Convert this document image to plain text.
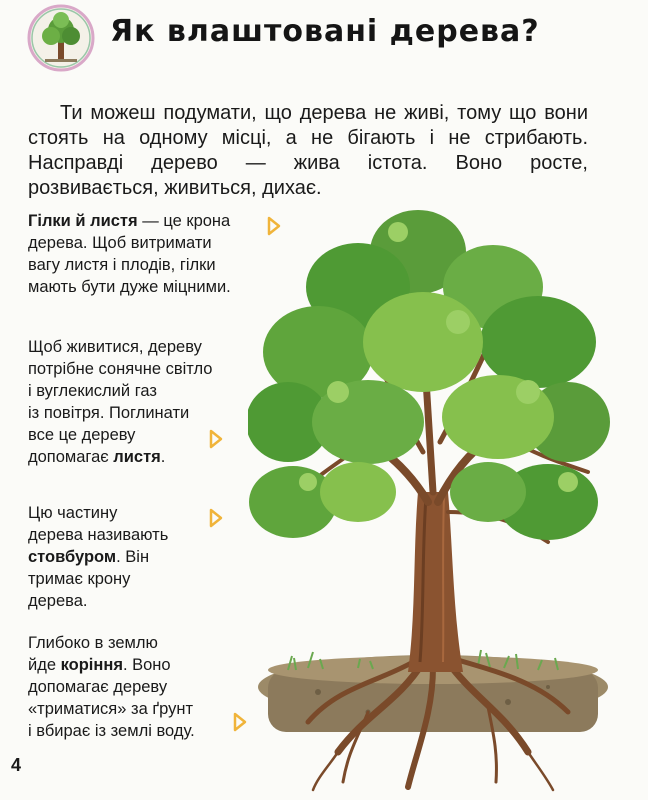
Як влаштовані дерева?

Ти можеш подумати, що дерева не живі, тому що вони стоять на одному місці, а не бігають і не стрибають. Насправді дерево — жива істота. Воно росте, розвивається, живиться, дихає.

Гілки й листя — це крона
дерева. Щоб витримати
вагу листя і плодів, гілки
мають бути дуже міцними.
Щоб живитися, дереву
потрібне сонячне світло
і вуглекислий газ
із повітря. Поглинати
все це дереву
допомагає листя.
Цю частину
дерева називають
стовбуром. Він
тримає крону
дерева.
Глибоко в землю
йде коріння. Воно
допомагає дереву
«триматися» за ґрунт
і вбирає із землі воду.
4
